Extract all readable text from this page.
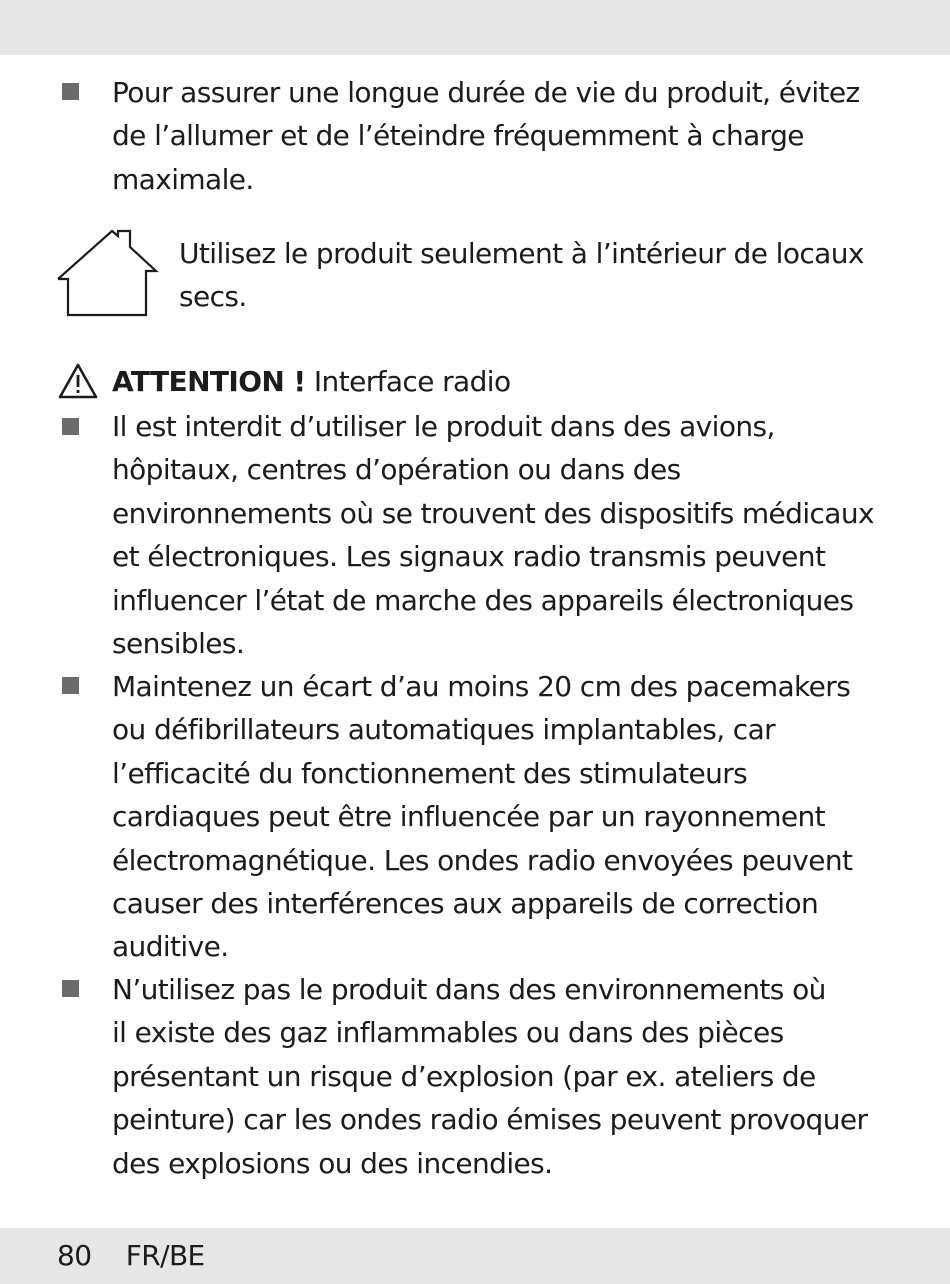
Pour assurer une longue durée de vie du produit, évitez
de l’allumer et de l’éteindre fréquemment à charge
maximale.

Utilisez le produit seulement à l’intérieur de locaux
secs.

ATTENTION ! Interface radio

Il est interdit d’utiliser le produit dans des avions,
hôpitaux, centres d’opération ou dans des
environnements où se trouvent des dispositifs médicaux
et électroniques. Les signaux radio transmis peuvent
influencer l’état de marche des appareils électroniques
sensibles.

Maintenez un écart d’au moins 20 cm des pacemakers
ou défibrillateurs automatiques implantables, car
l’efficacité du fonctionnement des stimulateurs
cardiaques peut être influencée par un rayonnement
électromagnétique. Les ondes radio envoyées peuvent
causer des interférences aux appareils de correction
auditive.

N’utilisez pas le produit dans des environnements où
il existe des gaz inflammables ou dans des pièces
présentant un risque d’explosion (par ex. ateliers de
peinture) car les ondes radio émises peuvent provoquer
des explosions ou des incendies.

80 FR/BE
